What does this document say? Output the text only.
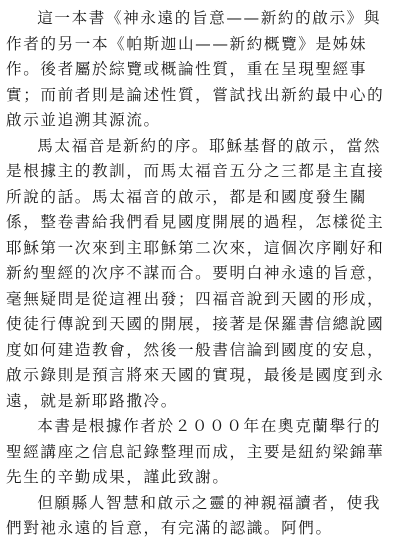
這一本書《神永遠的旨意——新約的啟示》與作者的另一本《帕斯迦山——新約概覽》是姊妹作。後者屬於綜覽或概論性質，重在呈現聖經事實；而前者則是論述性質，嘗試找出新約最中心的啟示並追溯其源流。

馬太福音是新約的序。耶穌基督的啟示，當然是根據主的教訓，而馬太福音五分之三都是主直接所說的話。馬太福音的啟示，都是和國度發生關係，整卷書給我們看見國度開展的過程，怎樣從主耶穌第一次來到主耶穌第二次來，這個次序剛好和新約聖經的次序不謀而合。要明白神永遠的旨意，毫無疑問是從這裡出發；四福音說到天國的形成，使徒行傳說到天國的開展，接著是保羅書信總說國度如何建造教會，然後一般書信論到國度的安息，啟示錄則是預言將來天國的實現，最後是國度到永遠，就是新耶路撒冷。

本書是根據作者於２０００年在奧克蘭舉行的聖經講座之信息記錄整理而成，主要是紐約梁錦華先生的辛勤成果，謹此致謝。

但願縣人智慧和啟示之靈的神親福讀者，使我們對祂永遠的旨意，有完滿的認識。阿們。
